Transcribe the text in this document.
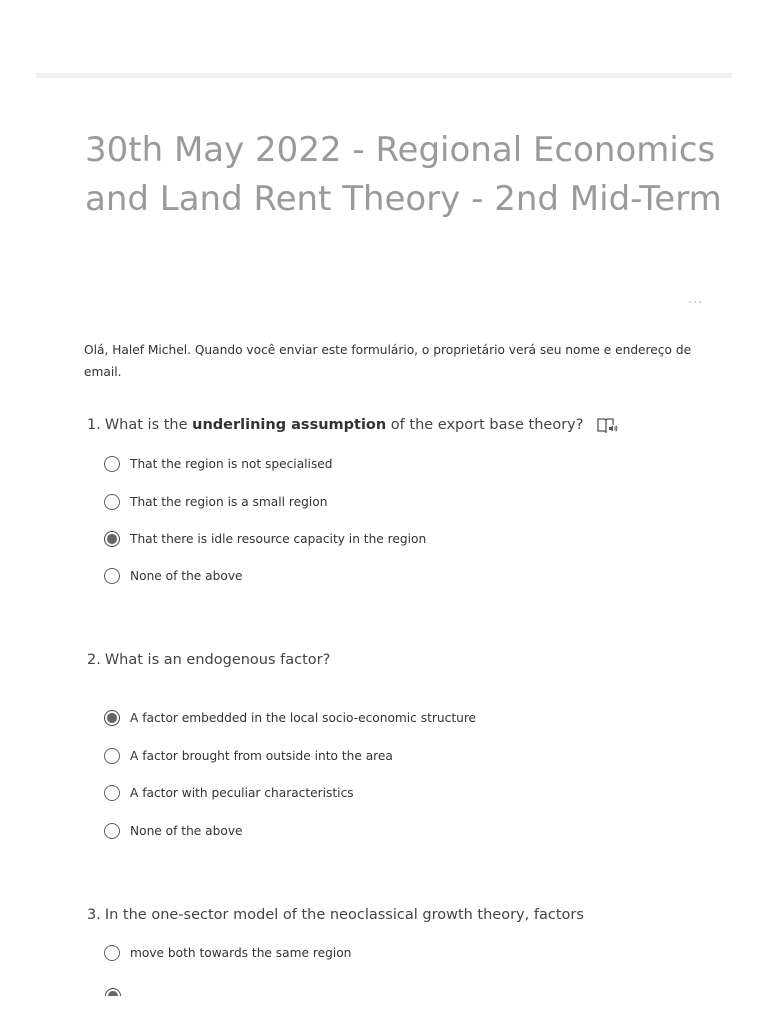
30th May 2022 - Regional Economics and Land Rent Theory - 2nd Mid-Term
...
Olá, Halef Michel. Quando você enviar este formulário, o proprietário verá seu nome e endereço de email.
1. What is the underlining assumption of the export base theory?
That the region is not specialised
That the region is a small region
That there is idle resource capacity in the region
None of the above
2. What is an endogenous factor?
A factor embedded in the local socio-economic structure
A factor brought from outside into the area
A factor with peculiar characteristics
None of the above
3. In the one-sector model of the neoclassical growth theory, factors
move both towards the same region
